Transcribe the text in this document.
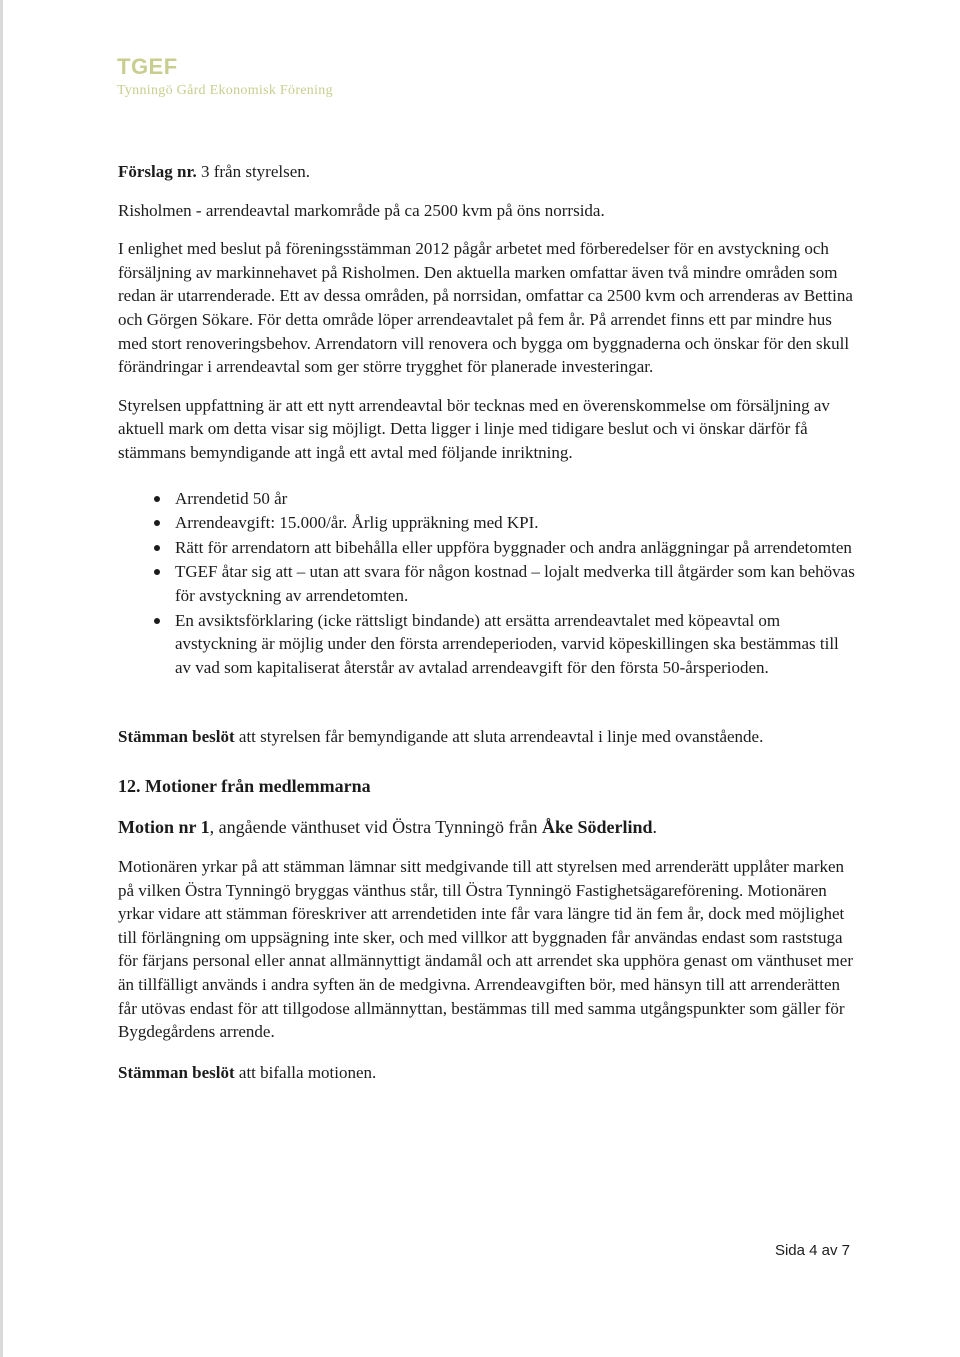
TGEF
Tynningö Gård Ekonomisk Förening

Förslag nr. 3 från styrelsen.

Risholmen - arrendeavtal markområde på ca 2500 kvm på öns norrsida.

I enlighet med beslut på föreningsstämman 2012 pågår arbetet med förberedelser för en avstyckning och försäljning av markinnehavet på Risholmen. Den aktuella marken omfattar även två mindre områden som redan är utarrenderade. Ett av dessa områden, på norrsidan, omfattar ca 2500 kvm och arrenderas av Bettina och Görgen Sökare. För detta område löper arrendeavtalet på fem år. På arrendet finns ett par mindre hus med stort renoveringsbehov. Arrendatorn vill renovera och bygga om byggnaderna och önskar för den skull förändringar i arrendeavtal som ger större trygghet för planerade investeringar.

Styrelsen uppfattning är att ett nytt arrendeavtal bör tecknas med en överenskommelse om försäljning av aktuell mark om detta visar sig möjligt. Detta ligger i linje med tidigare beslut och vi önskar därför få stämmans bemyndigande att ingå ett avtal med följande inriktning.

Arrendetid 50 år
Arrendeavgift: 15.000/år. Årlig uppräkning med KPI.
Rätt för arrendatorn att bibehålla eller uppföra byggnader och andra anläggningar på arrendetomten
TGEF åtar sig att – utan att svara för någon kostnad – lojalt medverka till åtgärder som kan behövas för avstyckning av arrendetomten.
En avsiktsförklaring (icke rättsligt bindande) att ersätta arrendeavtalet med köpeavtal om avstyckning är möjlig under den första arrendeperioden, varvid köpeskillingen ska bestämmas till av vad som kapitaliserat återstår av avtalad arrendeavgift för den första 50-årsperioden.

Stämman beslöt att styrelsen får bemyndigande att sluta arrendeavtal i linje med ovanstående.

12. Motioner från medlemmarna

Motion nr 1, angående vänthuset vid Östra Tynningö från Åke Söderlind.

Motionären yrkar på att stämman lämnar sitt medgivande till att styrelsen med arrenderätt upplåter marken på vilken Östra Tynningö bryggas vänthus står, till Östra Tynningö Fastighetsägareförening. Motionären yrkar vidare att stämman föreskriver att arrendetiden inte får vara längre tid än fem år, dock med möjlighet till förlängning om uppsägning inte sker, och med villkor att byggnaden får användas endast som raststuga för färjans personal eller annat allmännyttigt ändamål och att arrendet ska upphöra genast om vänthuset mer än tillfälligt används i andra syften än de medgivna. Arrendeavgiften bör, med hänsyn till att arrenderätten får utövas endast för att tillgodose allmännyttan, bestämmas till med samma utgångspunkter som gäller för Bygdegårdens arrende.

Stämman beslöt att bifalla motionen.

Sida 4 av 7
